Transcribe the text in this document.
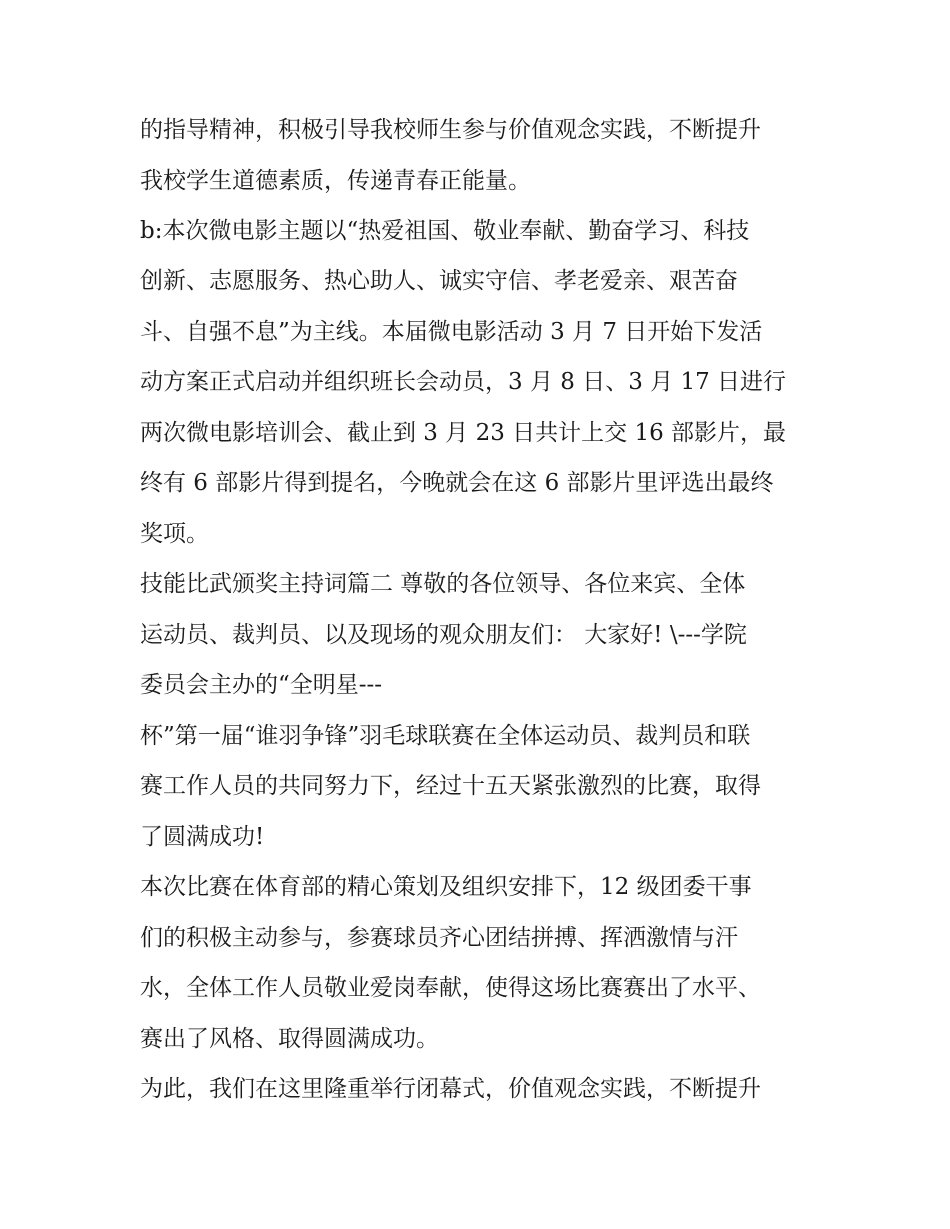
的指导精神，积极引导我校师生参与价值观念实践，不断提升
我校学生道德素质，传递青春正能量。
b:本次微电影主题以“热爱祖国、敬业奉献、勤奋学习、科技
创新、志愿服务、热心助人、诚实守信、孝老爱亲、艰苦奋
斗、自强不息”为主线。本届微电影活动 3 月 7 日开始下发活
动方案正式启动并组织班长会动员，3 月 8 日、3 月 17 日进行
两次微电影培训会、截止到 3 月 23 日共计上交 16 部影片，最
终有 6 部影片得到提名，今晚就会在这 6 部影片里评选出最终
奖项。
技能比武颁奖主持词篇二 尊敬的各位领导、各位来宾、全体
运动员、裁判员、以及现场的观众朋友们： 大家好! \---学院
委员会主办的“全明星---
杯”第一届“谁羽争锋”羽毛球联赛在全体运动员、裁判员和联
赛工作人员的共同努力下，经过十五天紧张激烈的比赛，取得
了圆满成功!
本次比赛在体育部的精心策划及组织安排下，12 级团委干事
们的积极主动参与，参赛球员齐心团结拼搏、挥洒激情与汗
水，全体工作人员敬业爱岗奉献，使得这场比赛赛出了水平、
赛出了风格、取得圆满成功。
为此，我们在这里隆重举行闭幕式，价值观念实践，不断提升
